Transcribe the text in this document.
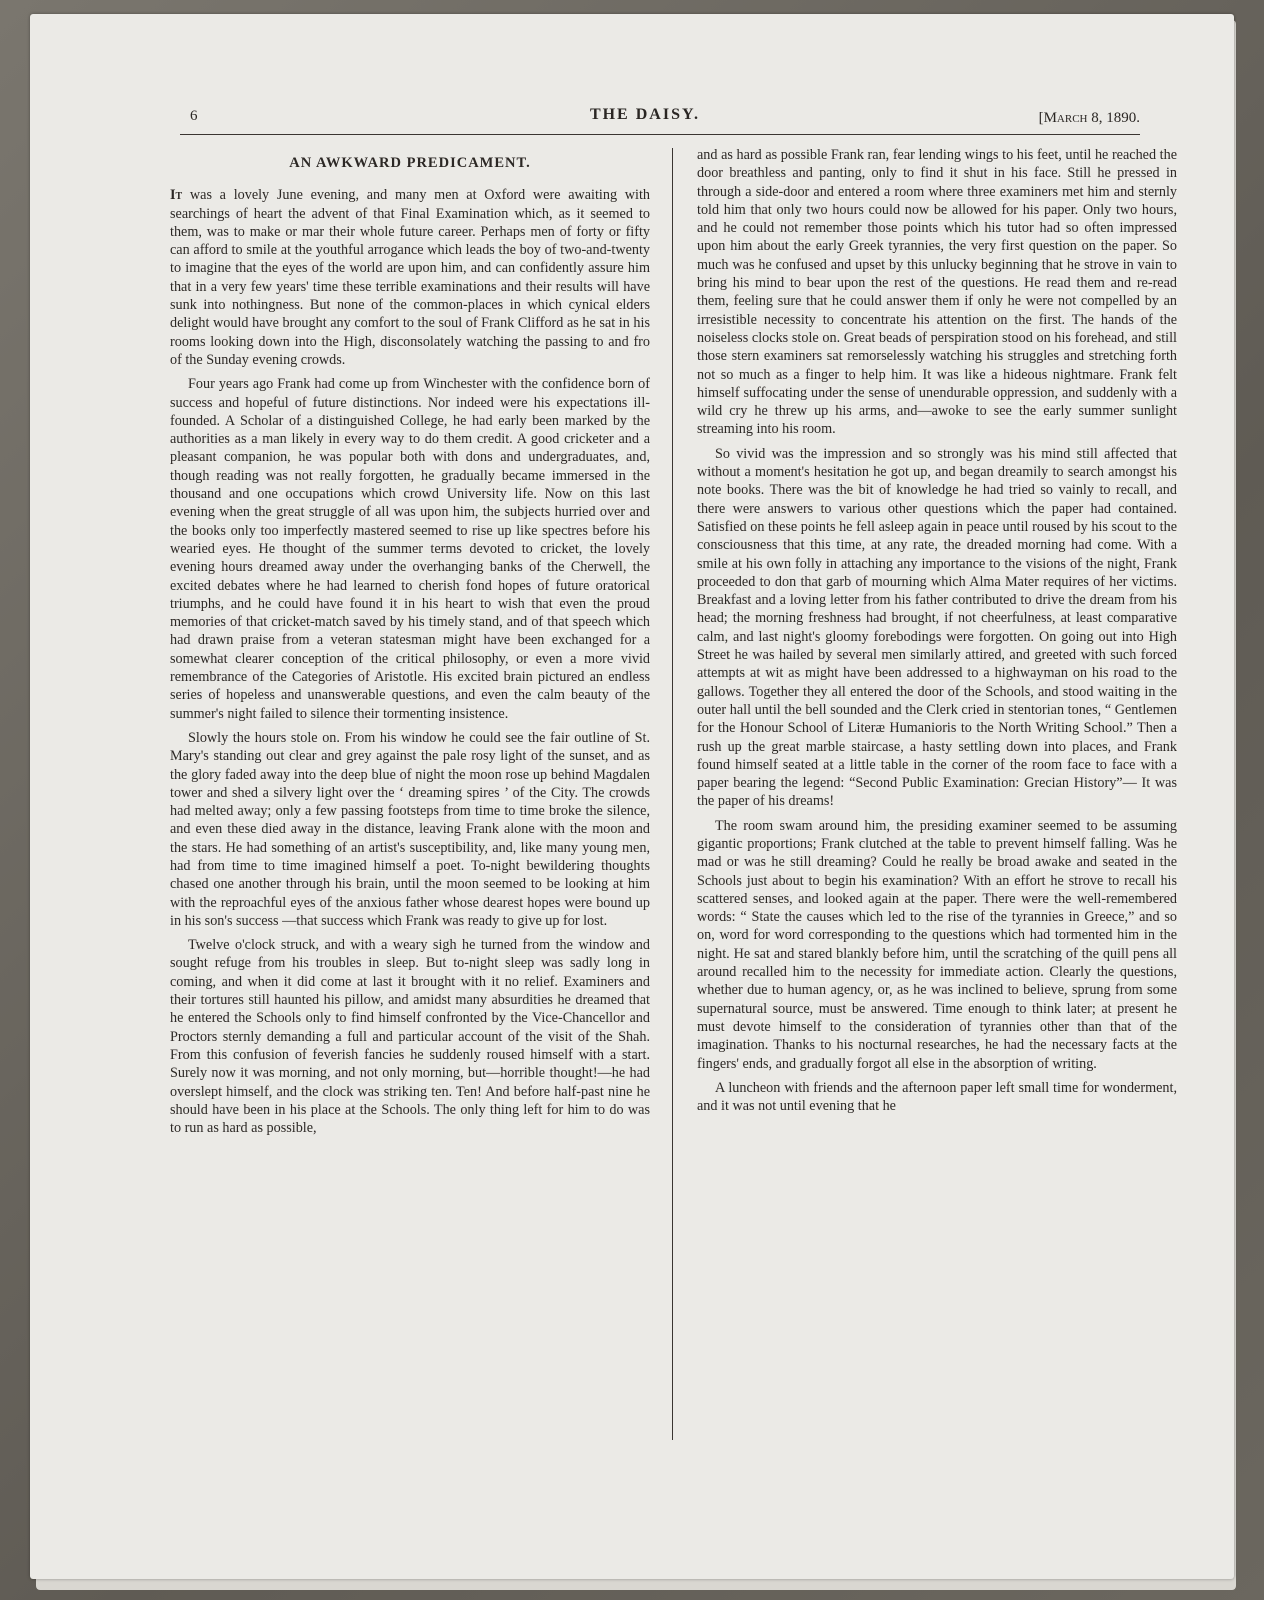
6	THE DAISY.	[March 8, 1890.
AN AWKWARD PREDICAMENT.

It was a lovely June evening, and many men at Oxford were awaiting with searchings of heart the advent of that Final Examination which, as it seemed to them, was to make or mar their whole future career. Perhaps men of forty or fifty can afford to smile at the youthful arrogance which leads the boy of two-and-twenty to imagine that the eyes of the world are upon him, and can confidently assure him that in a very few years' time these terrible examinations and their results will have sunk into nothingness. But none of the common-places in which cynical elders delight would have brought any comfort to the soul of Frank Clifford as he sat in his rooms looking down into the High, disconsolately watching the passing to and fro of the Sunday evening crowds.

Four years ago Frank had come up from Winchester with the confidence born of success and hopeful of future distinctions. Nor indeed were his expectations ill-founded. A Scholar of a distinguished College, he had early been marked by the authorities as a man likely in every way to do them credit. A good cricketer and a pleasant companion, he was popular both with dons and undergraduates, and, though reading was not really forgotten, he gradually became immersed in the thousand and one occupations which crowd University life. Now on this last evening when the great struggle of all was upon him, the subjects hurried over and the books only too imperfectly mastered seemed to rise up like spectres before his wearied eyes. He thought of the summer terms devoted to cricket, the lovely evening hours dreamed away under the overhanging banks of the Cherwell, the excited debates where he had learned to cherish fond hopes of future oratorical triumphs, and he could have found it in his heart to wish that even the proud memories of that cricket-match saved by his timely stand, and of that speech which had drawn praise from a veteran statesman might have been exchanged for a somewhat clearer conception of the critical philosophy, or even a more vivid remembrance of the Categories of Aristotle. His excited brain pictured an endless series of hopeless and unanswerable questions, and even the calm beauty of the summer's night failed to silence their tormenting insistence.

Slowly the hours stole on. From his window he could see the fair outline of St. Mary's standing out clear and grey against the pale rosy light of the sunset, and as the glory faded away into the deep blue of night the moon rose up behind Magdalen tower and shed a silvery light over the ‘ dreaming spires ’ of the City. The crowds had melted away; only a few passing footsteps from time to time broke the silence, and even these died away in the distance, leaving Frank alone with the moon and the stars. He had something of an artist's susceptibility, and, like many young men, had from time to time imagined himself a poet. To-night bewildering thoughts chased one another through his brain, until the moon seemed to be looking at him with the reproachful eyes of the anxious father whose dearest hopes were bound up in his son's success —that success which Frank was ready to give up for lost.

Twelve o'clock struck, and with a weary sigh he turned from the window and sought refuge from his troubles in sleep. But to-night sleep was sadly long in coming, and when it did come at last it brought with it no relief. Examiners and their tortures still haunted his pillow, and amidst many absurdities he dreamed that he entered the Schools only to find himself confronted by the Vice-Chancellor and Proctors sternly demanding a full and particular account of the visit of the Shah. From this confusion of feverish fancies he suddenly roused himself with a start. Surely now it was morning, and not only morning, but—horrible thought!—he had overslept himself, and the clock was striking ten. Ten! And before half-past nine he should have been in his place at the Schools. The only thing left for him to do was to run as hard as possible,

and as hard as possible Frank ran, fear lending wings to his feet, until he reached the door breathless and panting, only to find it shut in his face. Still he pressed in through a side-door and entered a room where three examiners met him and sternly told him that only two hours could now be allowed for his paper. Only two hours, and he could not remember those points which his tutor had so often impressed upon him about the early Greek tyrannies, the very first question on the paper. So much was he confused and upset by this unlucky beginning that he strove in vain to bring his mind to bear upon the rest of the questions. He read them and re-read them, feeling sure that he could answer them if only he were not compelled by an irresistible necessity to concentrate his attention on the first. The hands of the noiseless clocks stole on. Great beads of perspiration stood on his forehead, and still those stern examiners sat remorselessly watching his struggles and stretching forth not so much as a finger to help him. It was like a hideous nightmare. Frank felt himself suffocating under the sense of unendurable oppression, and suddenly with a wild cry he threw up his arms, and—awoke to see the early summer sunlight streaming into his room.

So vivid was the impression and so strongly was his mind still affected that without a moment's hesitation he got up, and began dreamily to search amongst his note books. There was the bit of knowledge he had tried so vainly to recall, and there were answers to various other questions which the paper had contained. Satisfied on these points he fell asleep again in peace until roused by his scout to the consciousness that this time, at any rate, the dreaded morning had come. With a smile at his own folly in attaching any importance to the visions of the night, Frank proceeded to don that garb of mourning which Alma Mater requires of her victims. Breakfast and a loving letter from his father contributed to drive the dream from his head; the morning freshness had brought, if not cheerfulness, at least comparative calm, and last night's gloomy forebodings were forgotten. On going out into High Street he was hailed by several men similarly attired, and greeted with such forced attempts at wit as might have been addressed to a highwayman on his road to the gallows. Together they all entered the door of the Schools, and stood waiting in the outer hall until the bell sounded and the Clerk cried in stentorian tones, “ Gentlemen for the Honour School of Literæ Humanioris to the North Writing School.” Then a rush up the great marble staircase, a hasty settling down into places, and Frank found himself seated at a little table in the corner of the room face to face with a paper bearing the legend: “Second Public Examination: Grecian History”— It was the paper of his dreams!

The room swam around him, the presiding examiner seemed to be assuming gigantic proportions; Frank clutched at the table to prevent himself falling. Was he mad or was he still dreaming? Could he really be broad awake and seated in the Schools just about to begin his examination? With an effort he strove to recall his scattered senses, and looked again at the paper. There were the well-remembered words: “ State the causes which led to the rise of the tyrannies in Greece,” and so on, word for word corresponding to the questions which had tormented him in the night. He sat and stared blankly before him, until the scratching of the quill pens all around recalled him to the necessity for immediate action. Clearly the questions, whether due to human agency, or, as he was inclined to believe, sprung from some supernatural source, must be answered. Time enough to think later; at present he must devote himself to the consideration of tyrannies other than that of the imagination. Thanks to his nocturnal researches, he had the necessary facts at the fingers' ends, and gradually forgot all else in the absorption of writing.

A luncheon with friends and the afternoon paper left small time for wonderment, and it was not until evening that he
